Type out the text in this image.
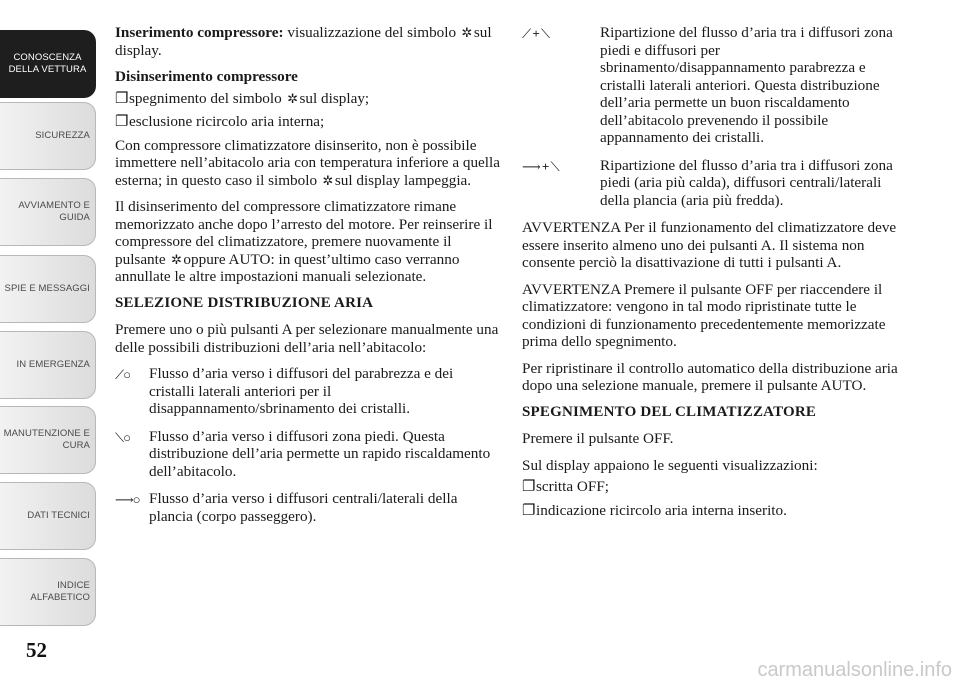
CONOSCENZA DELLA VETTURA
SICUREZZA
AVVIAMENTO E GUIDA
SPIE E MESSAGGI
IN EMERGENZA
MANUTENZIONE E CURA
DATI TECNICI
INDICE ALFABETICO
52

Inserimento compressore: visualizzazione del simbolo ✲ sul display.

Disinserimento compressore

❐ spegnimento del simbolo ✲ sul display;
❐ esclusione ricircolo aria interna;

Con compressore climatizzatore disinserito, non è possibile immettere nell’abitacolo aria con temperatura inferiore a quella esterna; in questo caso il simbolo ✲ sul display lampeggia.

Il disinserimento del compressore climatizzatore rimane memorizzato anche dopo l’arresto del motore. Per reinserire il compressore del climatizzatore, premere nuovamente il pulsante ✲ oppure AUTO: in quest’ultimo caso verranno annullate le altre impostazioni manuali selezionate.

SELEZIONE DISTRIBUZIONE ARIA

Premere uno o più pulsanti A per selezionare manualmente una delle possibili distribuzioni dell’aria nell’abitacolo:

⟋○	Flusso d’aria verso i diffusori del parabrezza e dei cristalli laterali anteriori per il disappannamento/sbrinamento dei cristalli.
⟍○	Flusso d’aria verso i diffusori zona piedi. Questa distribuzione dell’aria permette un rapido riscaldamento dell’abitacolo.
⟶○ Flusso d’aria verso i diffusori centrali/laterali della plancia (corpo passeggero).
⟋ + ⟍	Ripartizione del flusso d’aria tra i diffusori zona piedi e diffusori per sbrinamento/disappannamento parabrezza e cristalli laterali anteriori. Questa distribuzione dell’aria permette un buon riscaldamento dell’abitacolo prevenendo il possibile appannamento dei cristalli.
⟶ + ⟍	Ripartizione del flusso d’aria tra i diffusori zona piedi (aria più calda), diffusori centrali/laterali della plancia (aria più fredda).

AVVERTENZA Per il funzionamento del climatizzatore deve essere inserito almeno uno dei pulsanti A. Il sistema non consente perciò la disattivazione di tutti i pulsanti A.

AVVERTENZA Premere il pulsante OFF per riaccendere il climatizzatore: vengono in tal modo ripristinate tutte le condizioni di funzionamento precedentemente memorizzate prima dello spegnimento.

Per ripristinare il controllo automatico della distribuzione aria dopo una selezione manuale, premere il pulsante AUTO.

SPEGNIMENTO DEL CLIMATIZZATORE

Premere il pulsante OFF.

Sul display appaiono le seguenti visualizzazioni:

❐ scritta OFF;
❐ indicazione ricircolo aria interna inserito.
carmanualsonline.info
